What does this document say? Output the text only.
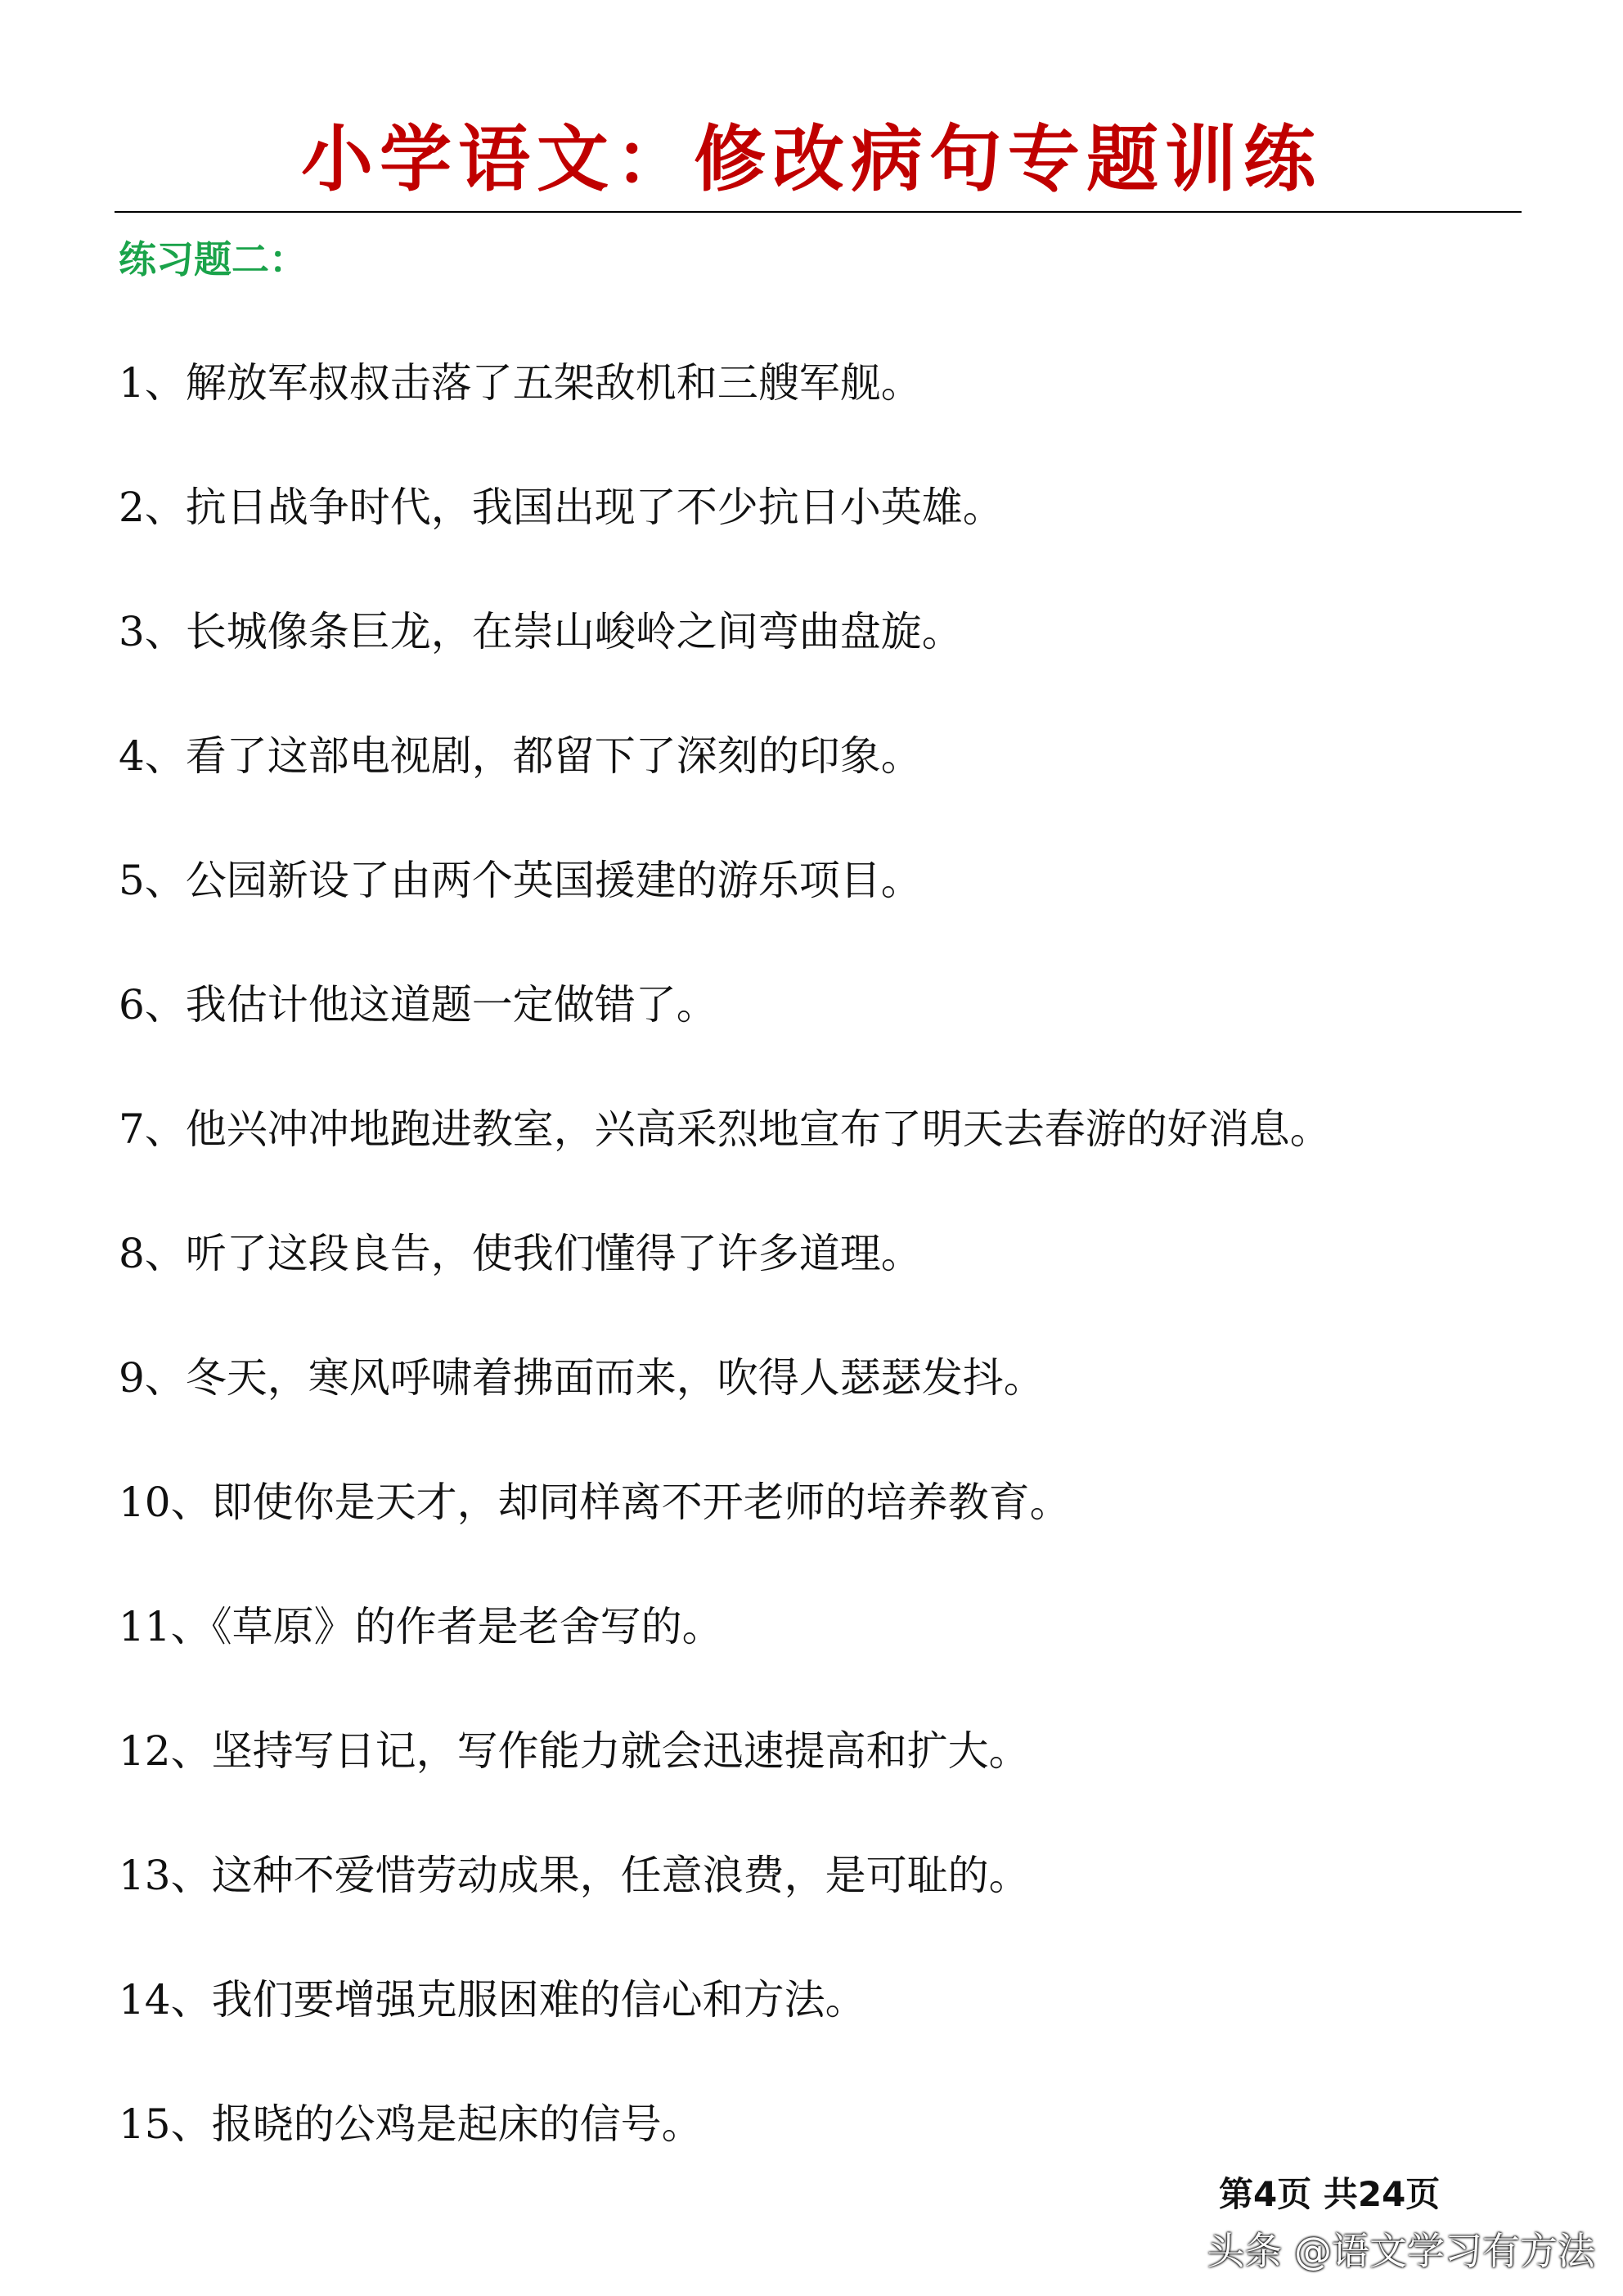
小学语文：修改病句专题训练
练习题二：
1、解放军叔叔击落了五架敌机和三艘军舰。
2、抗日战争时代，我国出现了不少抗日小英雄。
3、长城像条巨龙，在崇山峻岭之间弯曲盘旋。
4、看了这部电视剧，都留下了深刻的印象。
5、公园新设了由两个英国援建的游乐项目。
6、我估计他这道题一定做错了。
7、他兴冲冲地跑进教室，兴高采烈地宣布了明天去春游的好消息。
8、听了这段良告，使我们懂得了许多道理。
9、冬天，寒风呼啸着拂面而来，吹得人瑟瑟发抖。
10、即使你是天才，却同样离不开老师的培养教育。
11、《草原》的作者是老舍写的。
12、坚持写日记，写作能力就会迅速提高和扩大。
13、这种不爱惜劳动成果，任意浪费，是可耻的。
14、我们要增强克服困难的信心和方法。
15、报晓的公鸡是起床的信号。
第4页 共24页
头条 @语文学习有方法
